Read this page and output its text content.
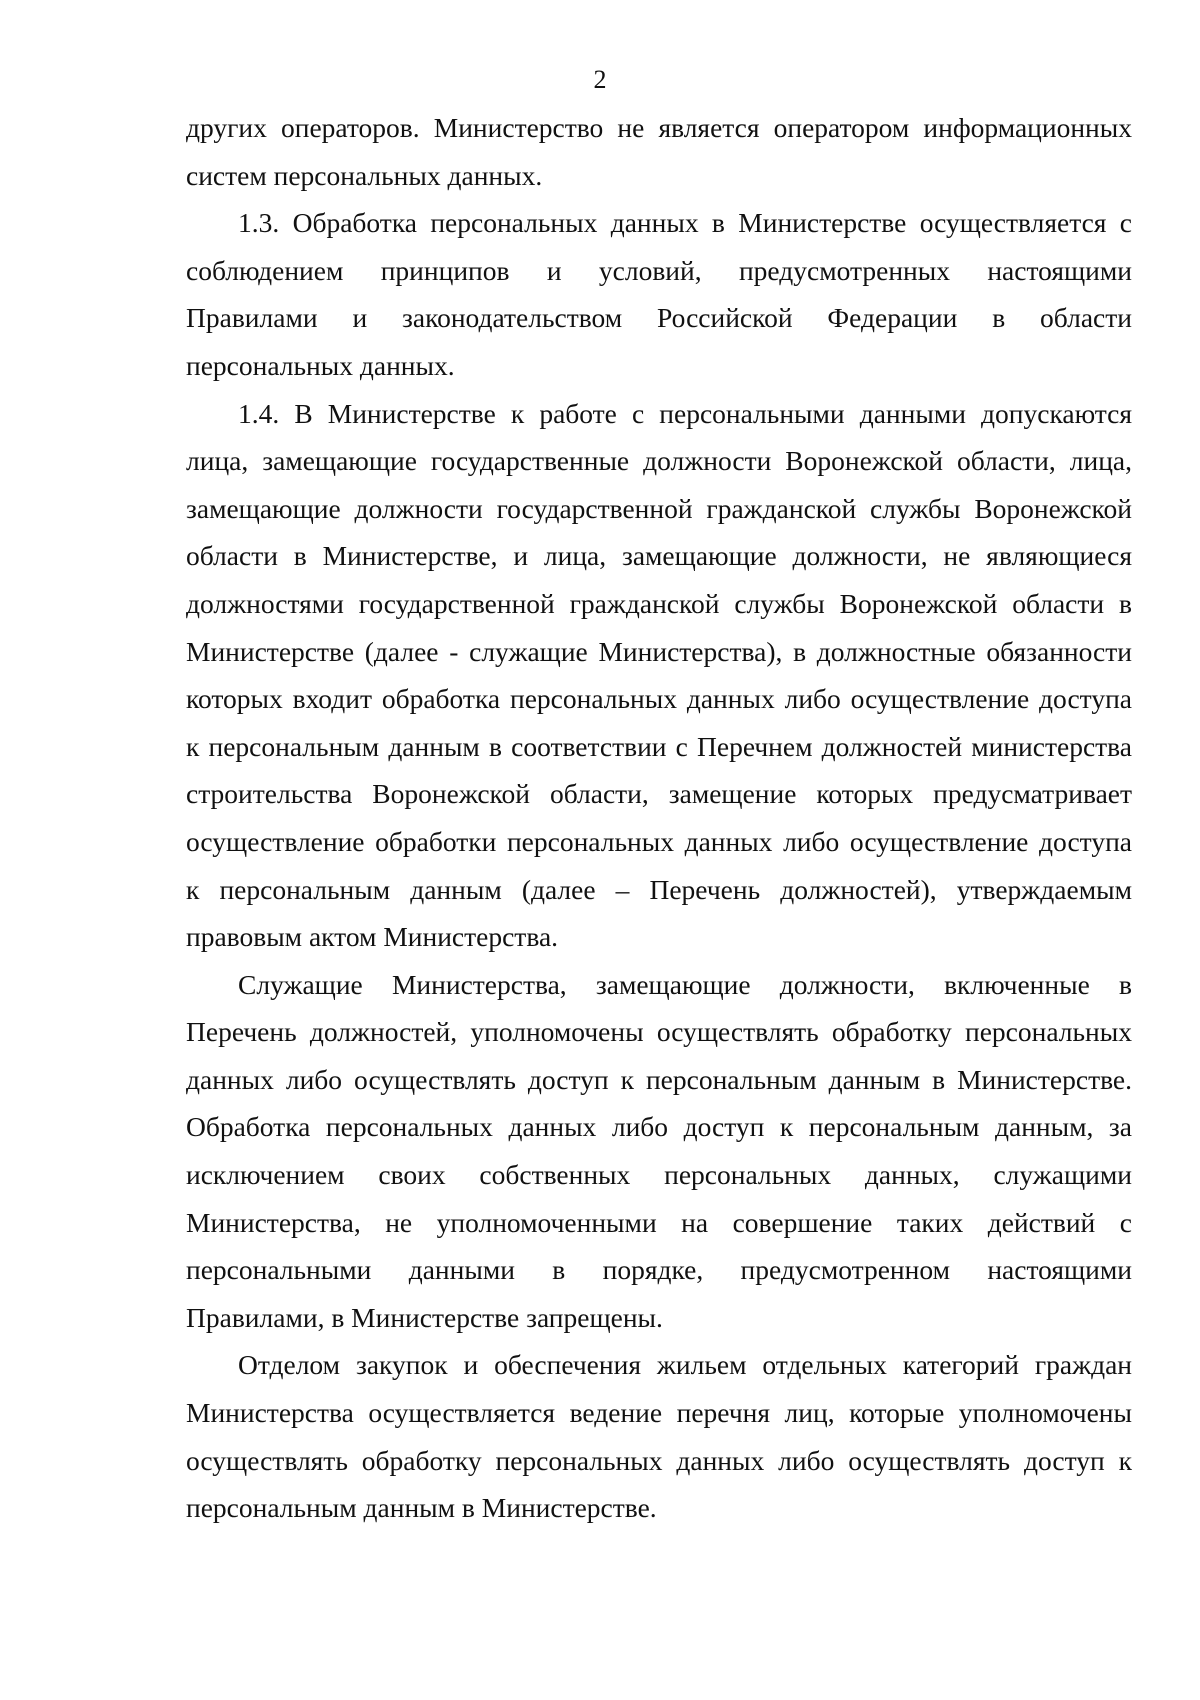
2
других операторов. Министерство не является оператором информационных
систем персональных данных.
1.3. Обработка персональных данных в Министерстве осуществляется с
соблюдением принципов и условий, предусмотренных настоящими
Правилами и законодательством Российской Федерации в области
персональных данных.
1.4. В Министерстве к работе с персональными данными допускаются
лица, замещающие государственные должности Воронежской области, лица,
замещающие должности государственной гражданской службы Воронежской
области в Министерстве, и лица, замещающие должности, не являющиеся
должностями государственной гражданской службы Воронежской области в
Министерстве (далее - служащие Министерства), в должностные обязанности
которых входит обработка персональных данных либо осуществление доступа
к персональным данным в соответствии с Перечнем должностей министерства
строительства Воронежской области, замещение которых предусматривает
осуществление обработки персональных данных либо осуществление доступа
к персональным данным (далее – Перечень должностей), утверждаемым
правовым актом Министерства.
Служащие Министерства, замещающие должности, включенные в
Перечень должностей, уполномочены осуществлять обработку персональных
данных либо осуществлять доступ к персональным данным в Министерстве.
Обработка персональных данных либо доступ к персональным данным, за
исключением своих собственных персональных данных, служащими
Министерства, не уполномоченными на совершение таких действий с
персональными данными в порядке, предусмотренном настоящими
Правилами, в Министерстве запрещены.
Отделом закупок и обеспечения жильем отдельных категорий граждан
Министерства осуществляется ведение перечня лиц, которые уполномочены
осуществлять обработку персональных данных либо осуществлять доступ к
персональным данным в Министерстве.
